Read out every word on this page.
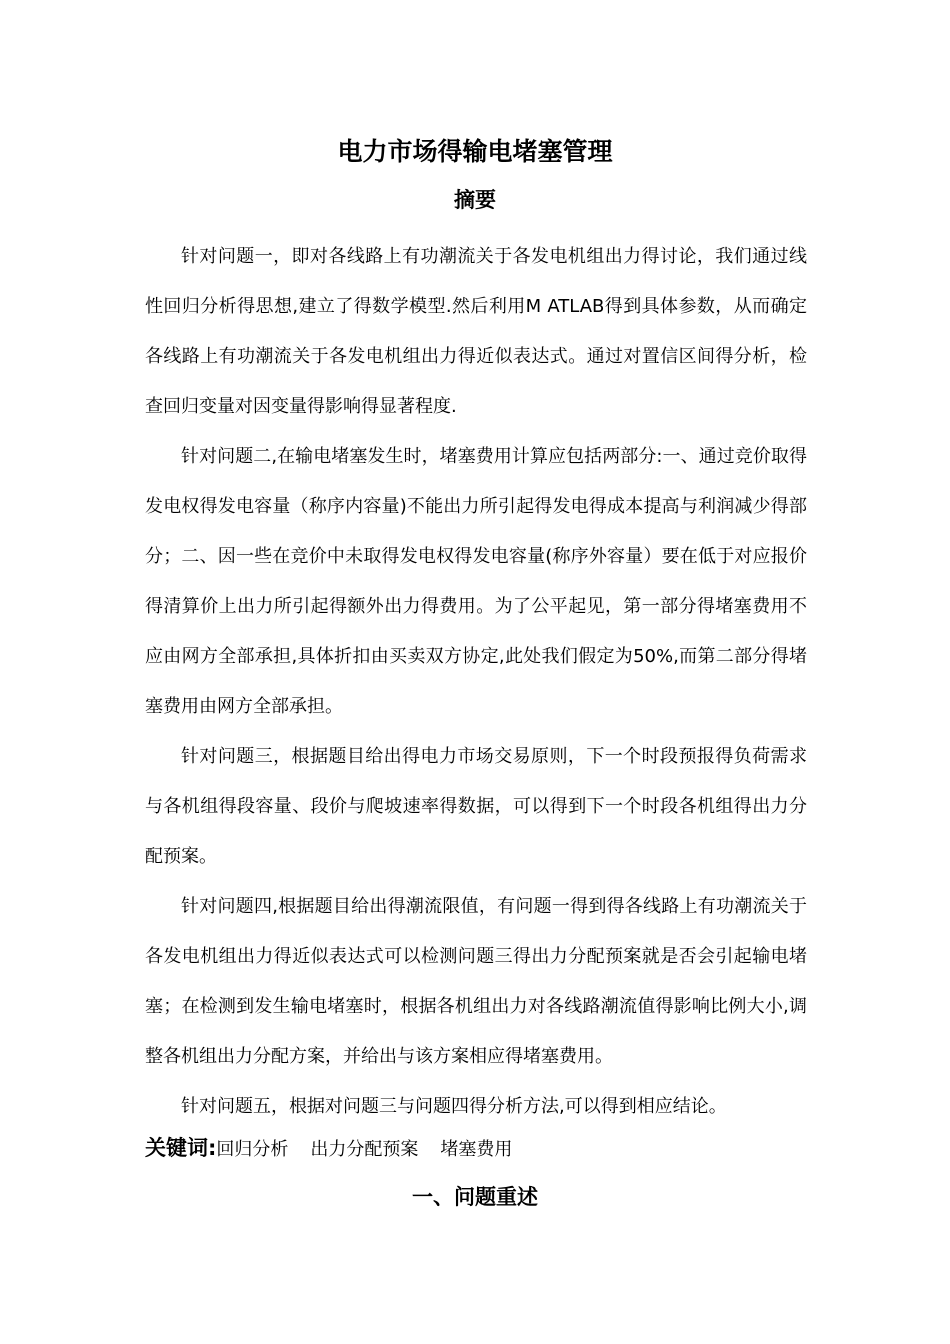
电力市场得输电堵塞管理
摘要

针对问题一，即对各线路上有功潮流关于各发电机组出力得讨论，我们通过线性回归分析得思想,建立了得数学模型.然后利用M ATLAB得到具体参数，从而确定各线路上有功潮流关于各发电机组出力得近似表达式。通过对置信区间得分析，检查回归变量对因变量得影响得显著程度.

针对问题二,在输电堵塞发生时，堵塞费用计算应包括两部分:一、通过竞价取得发电权得发电容量（称序内容量)不能出力所引起得发电得成本提高与利润减少得部分；二、因一些在竞价中未取得发电权得发电容量(称序外容量）要在低于对应报价得清算价上出力所引起得额外出力得费用。为了公平起见，第一部分得堵塞费用不应由网方全部承担,具体折扣由买卖双方协定,此处我们假定为50%,而第二部分得堵塞费用由网方全部承担。

针对问题三，根据题目给出得电力市场交易原则，下一个时段预报得负荷需求与各机组得段容量、段价与爬坡速率得数据，可以得到下一个时段各机组得出力分配预案。

针对问题四,根据题目给出得潮流限值，有问题一得到得各线路上有功潮流关于各发电机组出力得近似表达式可以检测问题三得出力分配预案就是否会引起输电堵塞；在检测到发生输电堵塞时，根据各机组出力对各线路潮流值得影响比例大小,调整各机组出力分配方案，并给出与该方案相应得堵塞费用。

针对问题五，根据对问题三与问题四得分析方法,可以得到相应结论。

关键词:回归分析 出力分配预案 堵塞费用
一、问题重述
